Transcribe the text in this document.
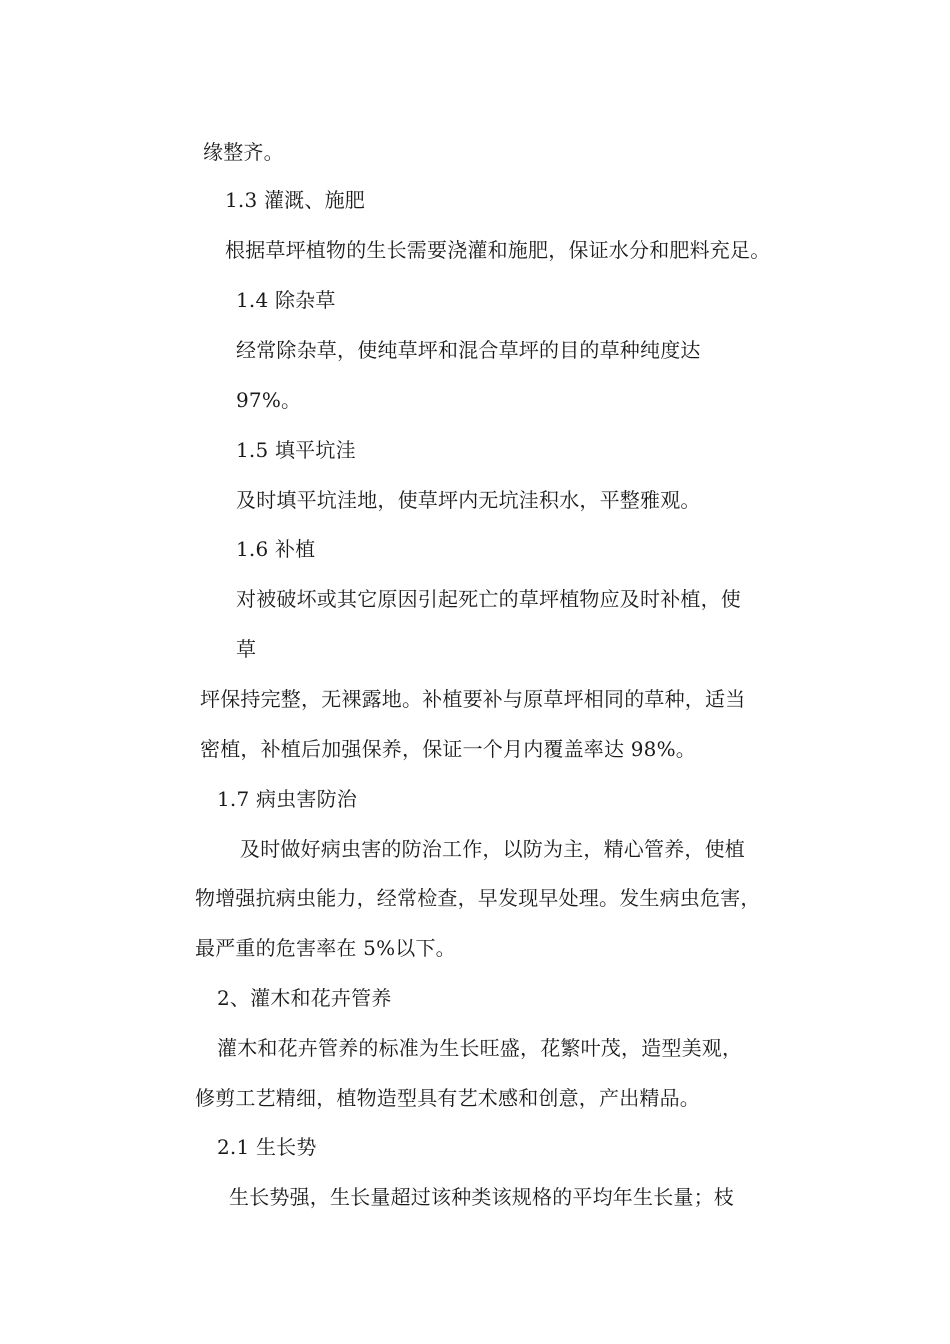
缘整齐。
1.3 灌溉、施肥
根据草坪植物的生长需要浇灌和施肥，保证水分和肥料充足。
1.4 除杂草
经常除杂草，使纯草坪和混合草坪的目的草种纯度达
97%。
1.5 填平坑洼
及时填平坑洼地，使草坪内无坑洼积水，平整雅观。
1.6 补植
对被破坏或其它原因引起死亡的草坪植物应及时补植，使
草
坪保持完整，无裸露地。补植要补与原草坪相同的草种，适当
密植，补植后加强保养，保证一个月内覆盖率达 98%。
1.7 病虫害防治
及时做好病虫害的防治工作，以防为主，精心管养，使植
物增强抗病虫能力，经常检查，早发现早处理。发生病虫危害，
最严重的危害率在 5%以下。
2、灌木和花卉管养
灌木和花卉管养的标准为生长旺盛，花繁叶茂，造型美观，
修剪工艺精细，植物造型具有艺术感和创意，产出精品。
2.1 生长势
生长势强，生长量超过该种类该规格的平均年生长量；枝
